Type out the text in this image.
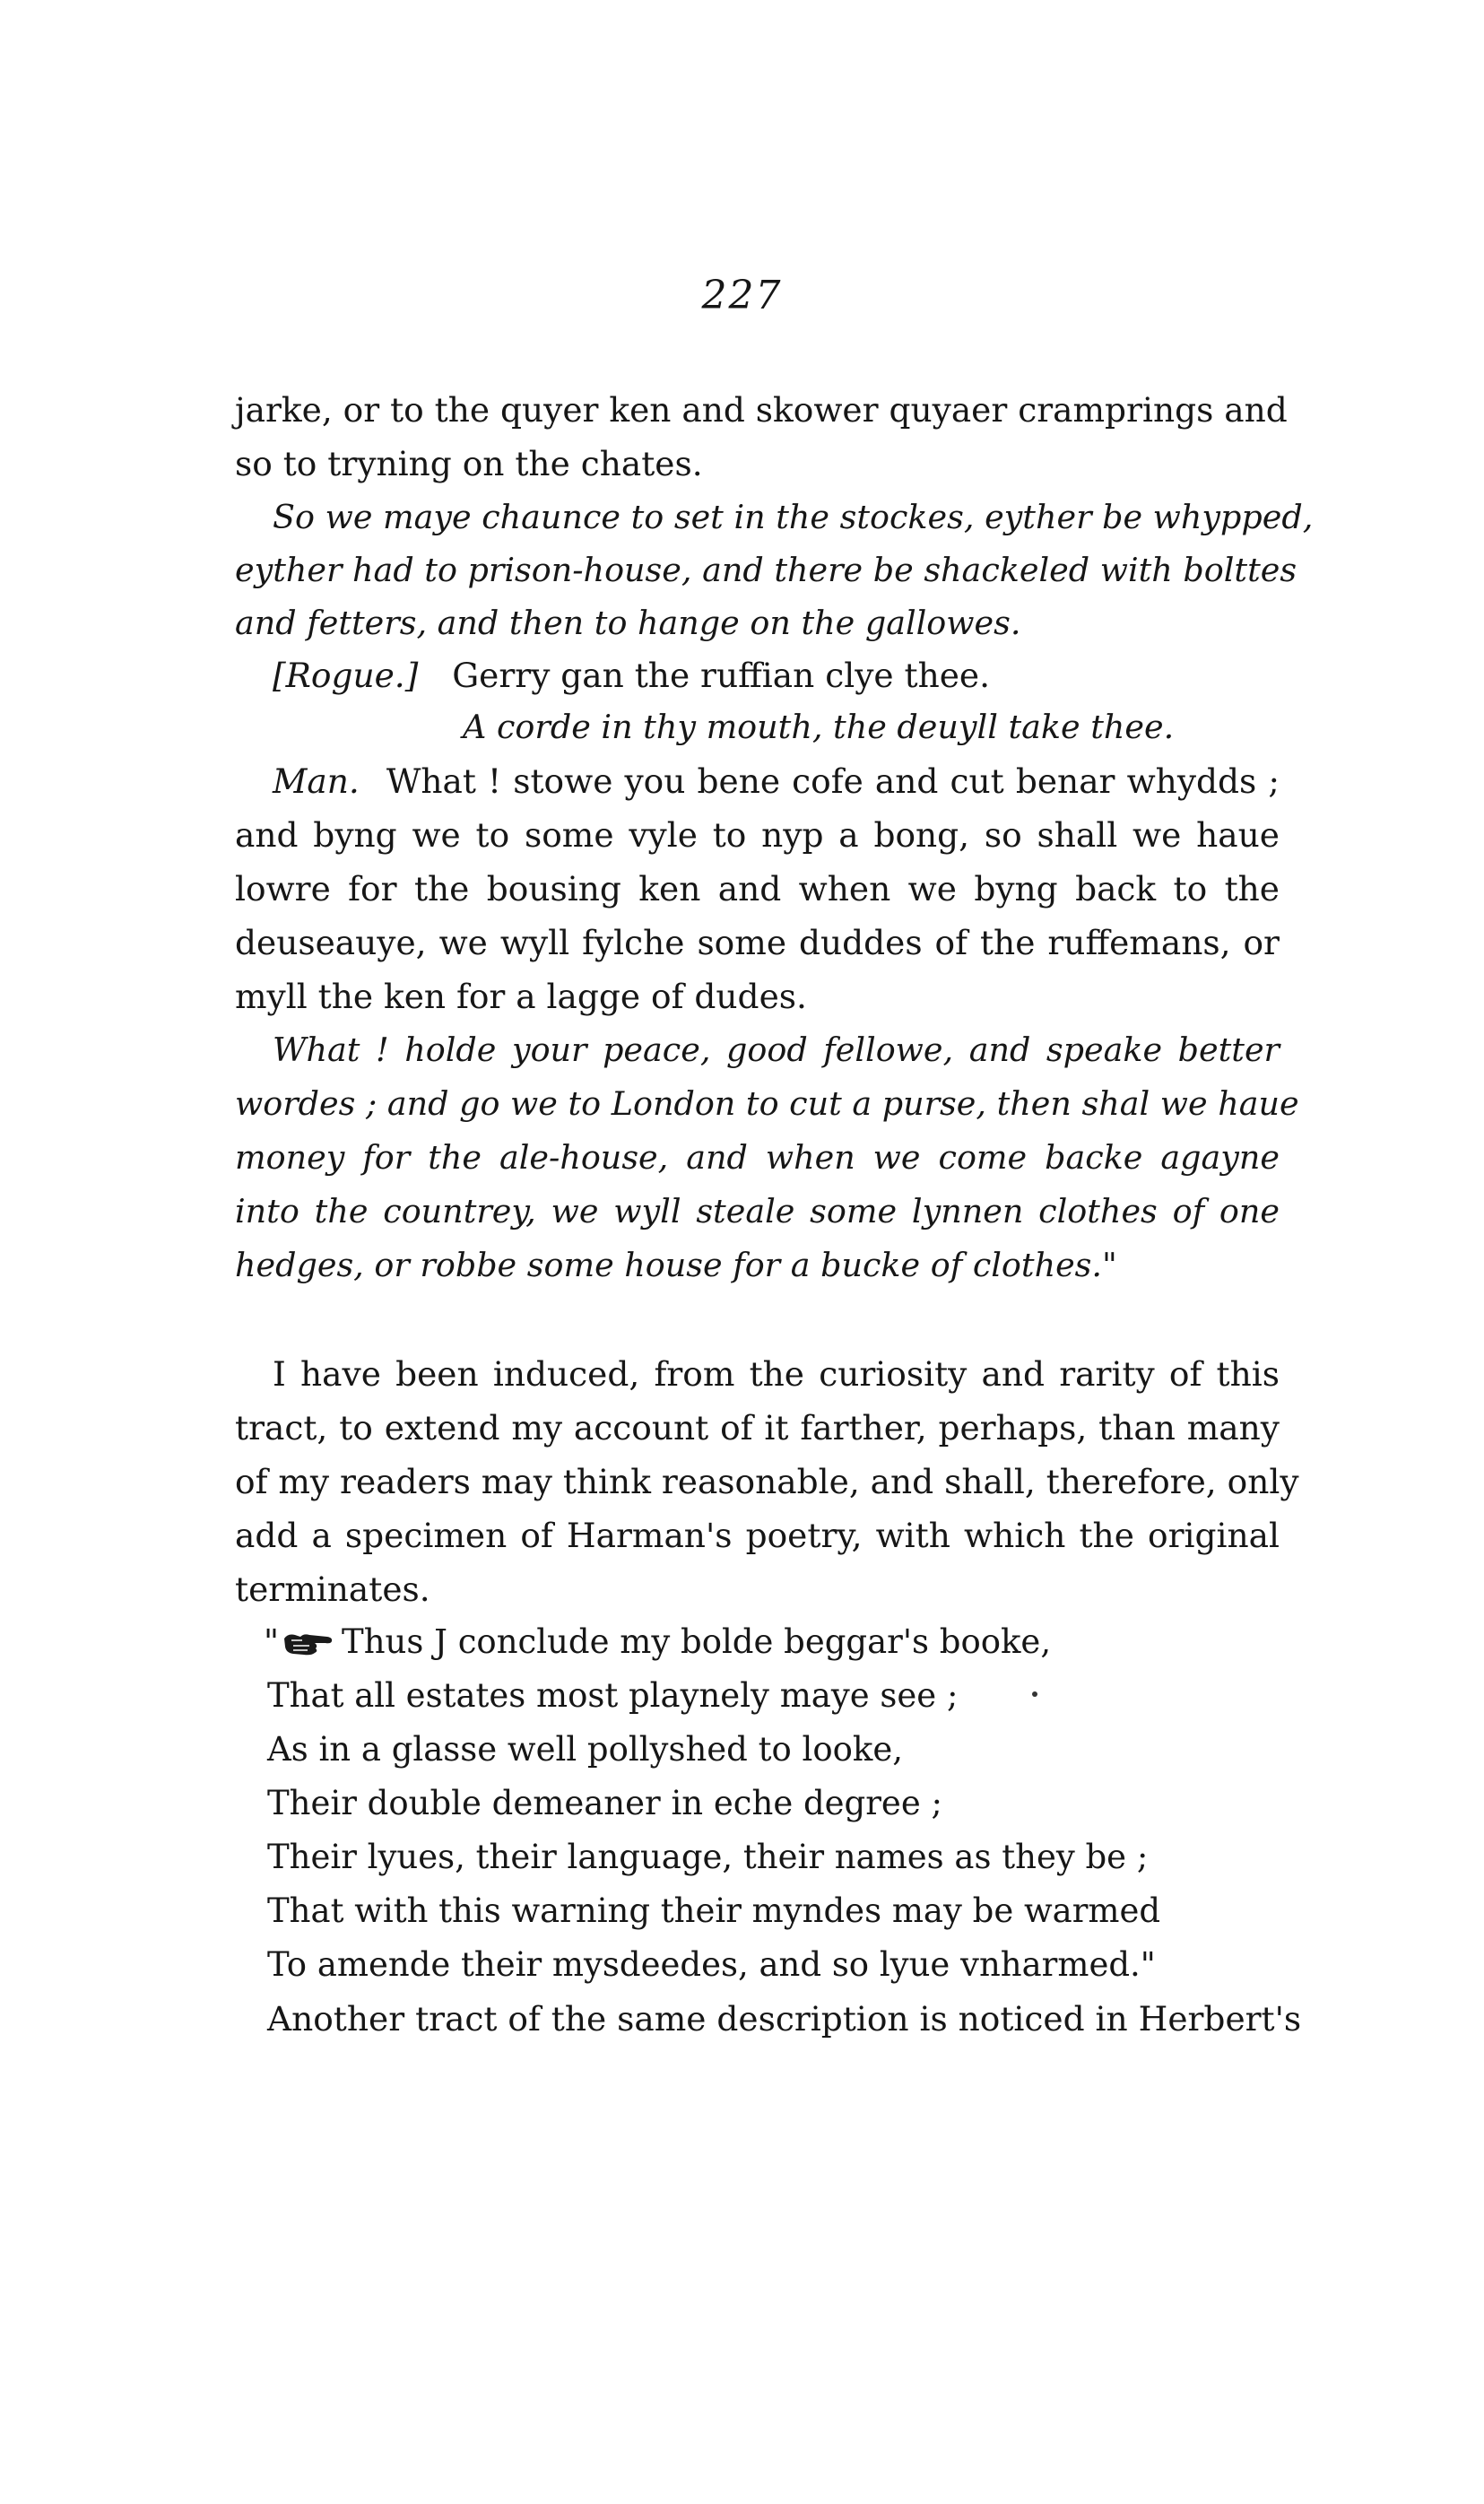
227
jarke, or to the quyer ken and skower quyaer cramprings and
so to tryning on the chates.
So we maye chaunce to set in the stockes, eyther be whypped,
eyther had to prison-house, and there be shackeled with bolttes
and fetters, and then to hange on the gallowes.
[Rogue.] Gerry gan the ruffian clye thee.
A corde in thy mouth, the deuyll take thee.
Man. What ! stowe you bene cofe and cut benar whydds ;
and byng we to some vyle to nyp a bong, so shall we haue
lowre for the bousing ken and when we byng back to the
deuseauye, we wyll fylche some duddes of the ruffemans, or
myll the ken for a lagge of dudes.
What ! holde your peace, good fellowe, and speake better
wordes ; and go we to London to cut a purse, then shal we haue
money for the ale-house, and when we come backe agayne
into the countrey, we wyll steale some lynnen clothes of one
hedges, or robbe some house for a bucke of clothes."
I have been induced, from the curiosity and rarity of this
tract, to extend my account of it farther, perhaps, than many
of my readers may think reasonable, and shall, therefore, only
add a specimen of Harman's poetry, with which the original
terminates.
" Thus J conclude my bolde beggar's booke,
That all estates most playnely maye see ;
As in a glasse well pollyshed to looke,
Their double demeaner in eche degree ;
Their lyues, their language, their names as they be ;
That with this warning their myndes may be warmed
To amende their mysdeedes, and so lyue vnharmed."
Another tract of the same description is noticed in Herbert's
